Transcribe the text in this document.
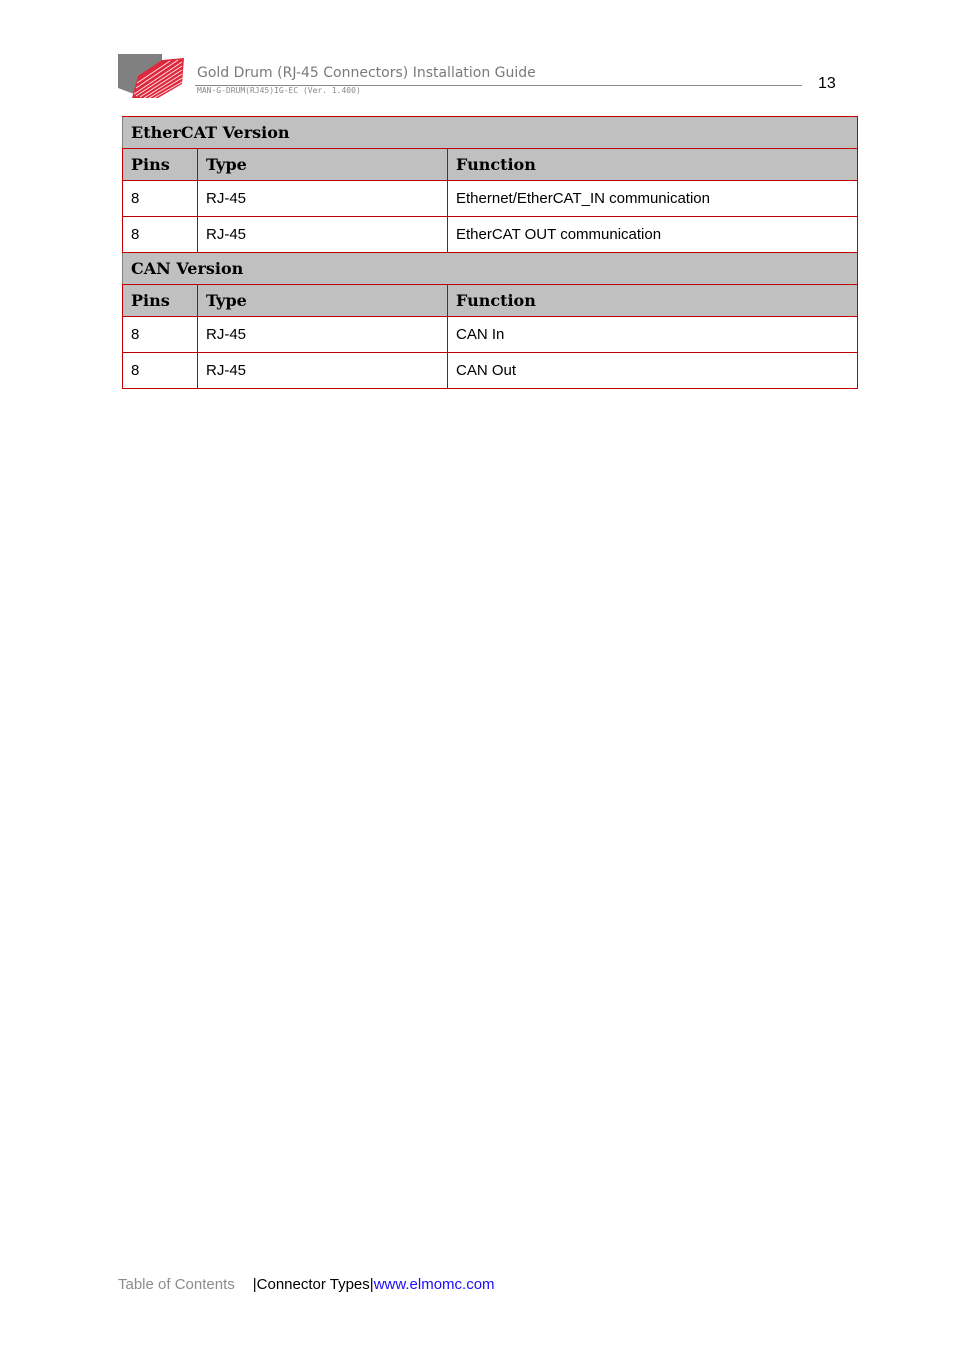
Gold Drum (RJ-45 Connectors) Installation Guide
MAN-G-DRUM(RJ45)IG-EC (Ver. 1.400)	13
EtherCAT Version		
Pins	Type	Function
8	RJ-45	Ethernet/EtherCAT_IN communication
8	RJ-45	EtherCAT OUT communication
CAN Version		
Pins	Type	Function
8	RJ-45	CAN In
8	RJ-45	CAN Out
Table of Contents |Connector Types|www.elmomc.com
